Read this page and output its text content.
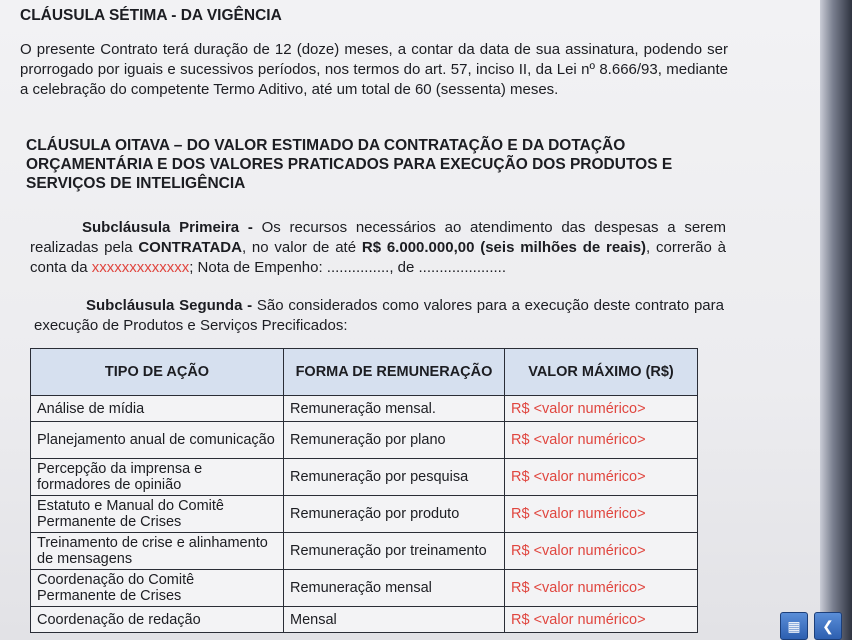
CLÁUSULA SÉTIMA - DA VIGÊNCIA

O presente Contrato terá duração de 12 (doze) meses, a contar da data de sua assinatura, podendo ser prorrogado por iguais e sucessivos períodos, nos termos do art. 57, inciso II, da Lei nº 8.666/93, mediante a celebração do competente Termo Aditivo, até um total de 60 (sessenta) meses.

CLÁUSULA OITAVA – DO VALOR ESTIMADO DA CONTRATAÇÃO E DA DOTAÇÃO ORÇAMENTÁRIA E DOS VALORES PRATICADOS PARA EXECUÇÃO DOS PRODUTOS E SERVIÇOS DE INTELIGÊNCIA

Subcláusula Primeira - Os recursos necessários ao atendimento das despesas a serem realizadas pela CONTRATADA, no valor de até R$ 6.000.000,00 (seis milhões de reais), correrão à conta da xxxxxxxxxxxxx; Nota de Empenho: ..............., de .....................

Subcláusula Segunda - São considerados como valores para a execução deste contrato para execução de Produtos e Serviços Precificados:

TIPO DE AÇÃO	FORMA DE REMUNERAÇÃO	VALOR MÁXIMO (R$)
Análise de mídia	Remuneração mensal.	R$ <valor numérico>
Planejamento anual de comunicação	Remuneração por plano	R$ <valor numérico>
Percepção da imprensa e formadores de opinião	Remuneração por pesquisa	R$ <valor numérico>
Estatuto e Manual do Comitê Permanente de Crises	Remuneração por produto	R$ <valor numérico>
Treinamento de crise e alinhamento de mensagens	Remuneração por treinamento	R$ <valor numérico>
Coordenação do Comitê Permanente de Crises	Remuneração mensal	R$ <valor numérico>
Coordenação de redação	Mensal	R$ <valor numérico>	▦	❮
